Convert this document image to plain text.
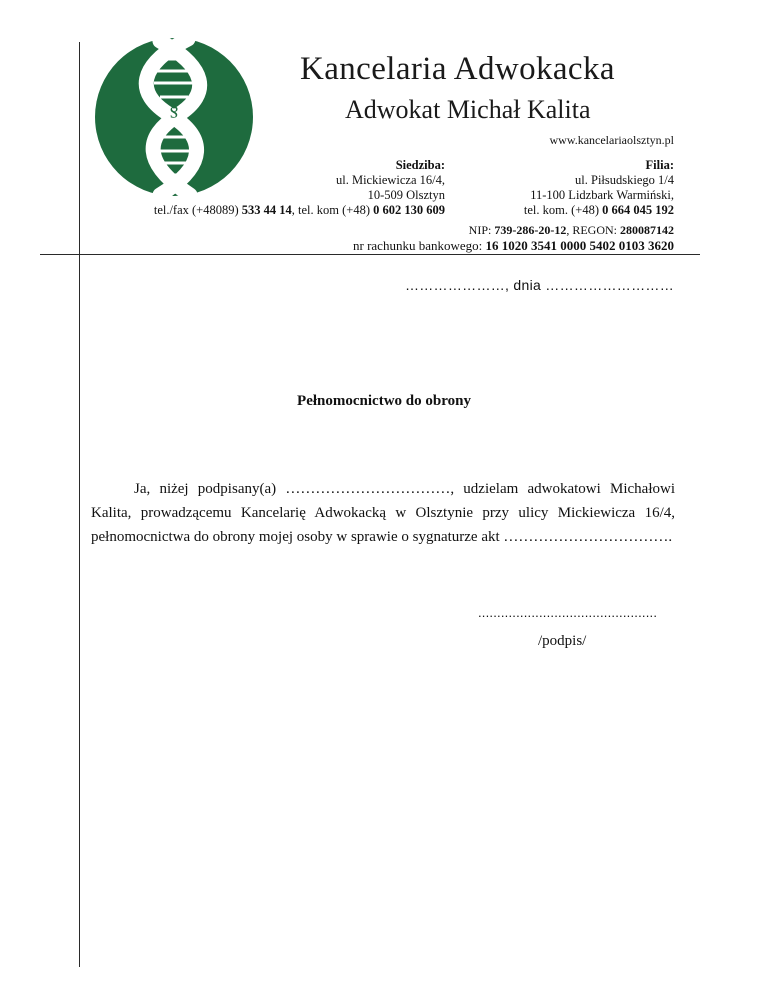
§
Kancelaria Adwokacka
Adwokat Michał Kalita
www.kancelariaolsztyn.pl
Siedziba:
ul. Mickiewicza 16/4,
10-509 Olsztyn
tel./fax (+48089) 533 44 14, tel. kom (+48) 0 602 130 609
Filia:
ul. Piłsudskiego 1/4
11-100 Lidzbark Warmiński,
tel. kom. (+48) 0 664 045 192
NIP: 739-286-20-12, REGON: 280087142
nr rachunku bankowego: 16 1020 3541 0000 5402 0103 3620
…………………, dnia ………………………
Pełnomocnictwo do obrony
Ja, niżej podpisany(a) ……………………………, udzielam adwokatowi Michałowi Kalita, prowadzącemu Kancelarię Adwokacką w Olsztynie przy ulicy Mickiewicza 16/4, pełnomocnictwa do obrony mojej osoby w sprawie o sygnaturze akt …………………………….
...............................................
/podpis/
